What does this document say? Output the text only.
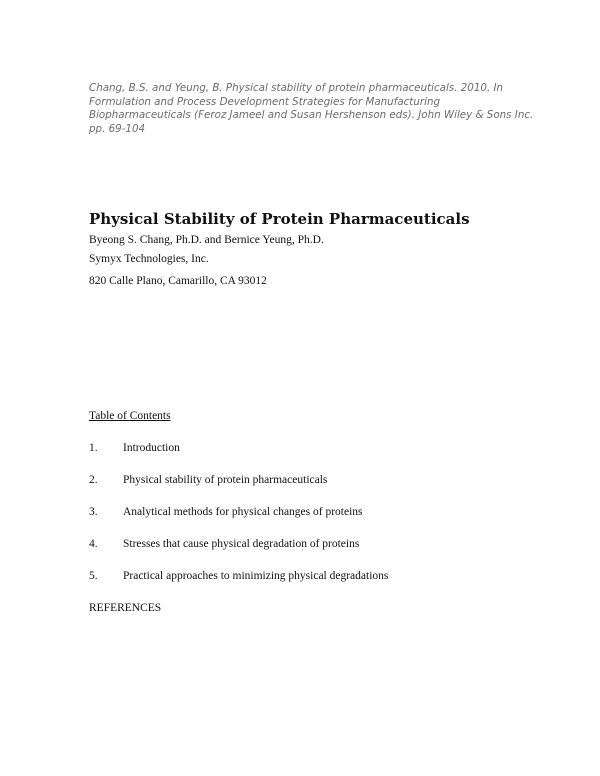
Chang, B.S. and Yeung, B. Physical stability of protein pharmaceuticals. 2010. In
Formulation and Process Development Strategies for Manufacturing
Biopharmaceuticals (Feroz Jameel and Susan Hershenson eds). John Wiley & Sons Inc.
pp. 69-104
Physical Stability of Protein Pharmaceuticals
Byeong S. Chang, Ph.D. and Bernice Yeung, Ph.D.
Symyx Technologies, Inc.
820 Calle Plano, Camarillo, CA 93012
Table of Contents
1. Introduction
2. Physical stability of protein pharmaceuticals
3. Analytical methods for physical changes of proteins
4. Stresses that cause physical degradation of proteins
5. Practical approaches to minimizing physical degradations
REFERENCES
